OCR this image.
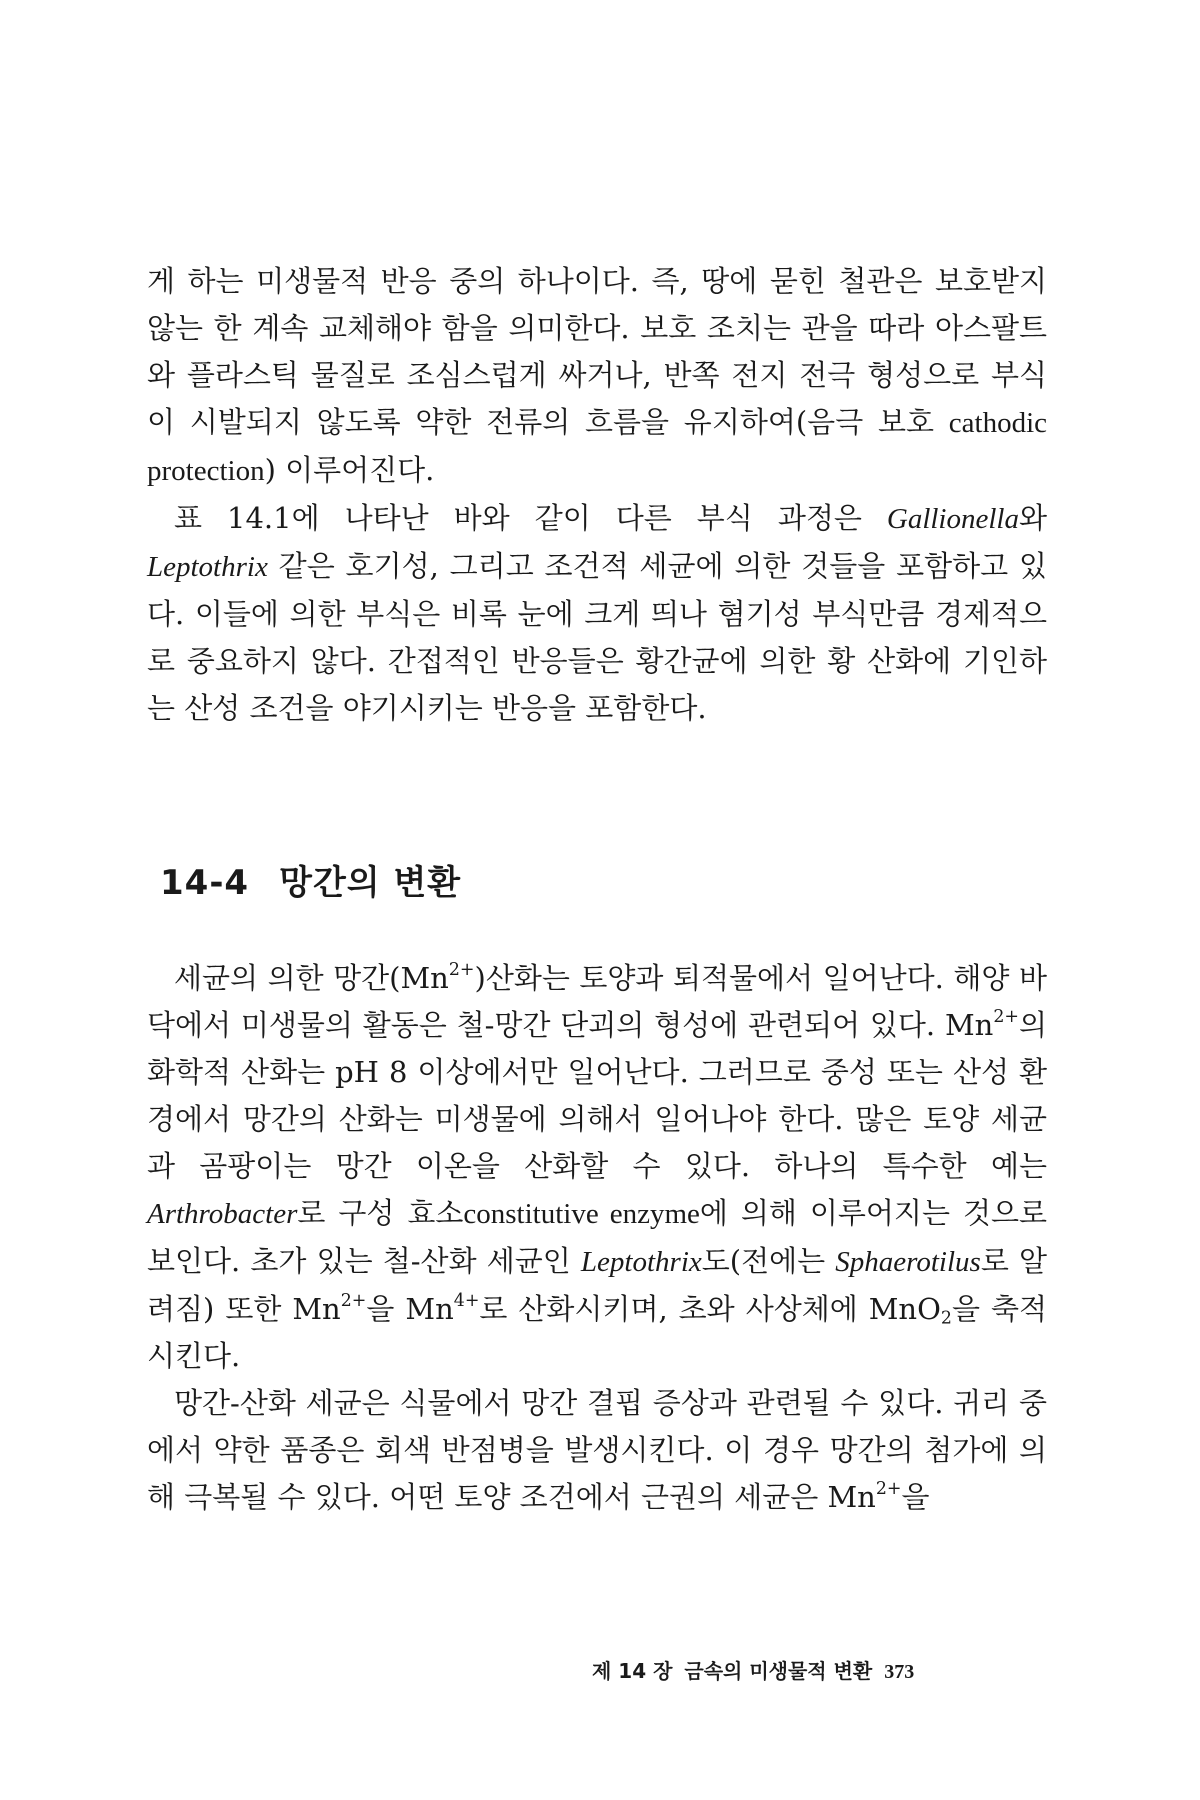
게 하는 미생물적 반응 중의 하나이다. 즉, 땅에 묻힌 철관은 보호받지 않는 한 계속 교체해야 함을 의미한다. 보호 조치는 관을 따라 아스팔트와 플라스틱 물질로 조심스럽게 싸거나, 반쪽 전지 전극 형성으로 부식이 시발되지 않도록 약한 전류의 흐름을 유지하여(음극 보호 cathodic protection) 이루어진다.

표 14.1에 나타난 바와 같이 다른 부식 과정은 Gallionella와 Leptothrix 같은 호기성, 그리고 조건적 세균에 의한 것들을 포함하고 있다. 이들에 의한 부식은 비록 눈에 크게 띄나 혐기성 부식만큼 경제적으로 중요하지 않다. 간접적인 반응들은 황간균에 의한 황 산화에 기인하는 산성 조건을 야기시키는 반응을 포함한다.

14-4 망간의 변환

세균의 의한 망간$(Mn^{2+})$산화는 토양과 퇴적물에서 일어난다. 해양 바닥에서 미생물의 활동은 철-망간 단괴의 형성에 관련되어 있다. $Mn^{2+}$의 화학적 산화는 pH 8 이상에서만 일어난다. 그러므로 중성 또는 산성 환경에서 망간의 산화는 미생물에 의해서 일어나야 한다. 많은 토양 세균과 곰팡이는 망간 이온을 산화할 수 있다. 하나의 특수한 예는 Arthrobacter로 구성 효소constitutive enzyme에 의해 이루어지는 것으로 보인다. 초가 있는 철-산화 세균인 Leptothrix도(전에는 Sphaerotilus로 알려짐) 또한 $Mn^{2+}$을 $Mn^{4+}$로 산화시키며, 초와 사상체에 MnO$_2$을 축적시킨다.

망간-산화 세균은 식물에서 망간 결핍 증상과 관련될 수 있다. 귀리 중에서 약한 품종은 회색 반점병을 발생시킨다. 이 경우 망간의 첨가에 의해 극복될 수 있다. 어떤 토양 조건에서 근권의 세균은 $Mn^{2+}$을

제 14 장 금속의 미생물적 변환 373
